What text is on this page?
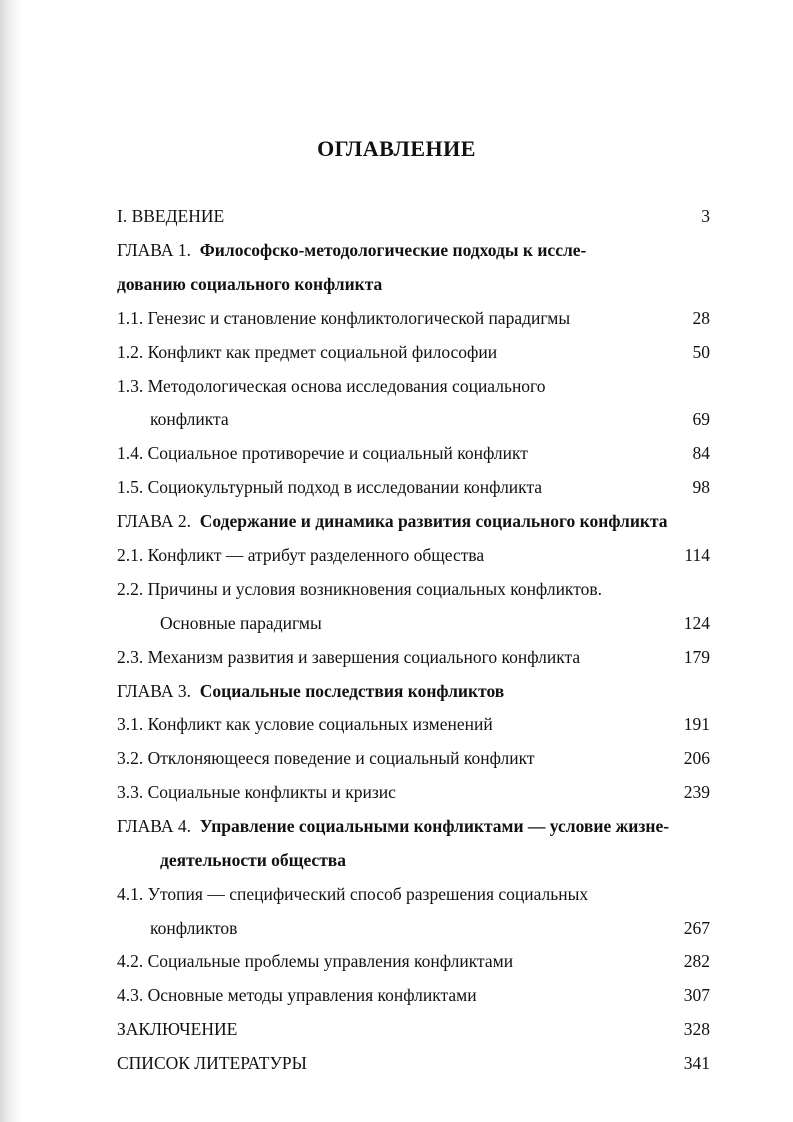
ОГЛАВЛЕНИЕ
I. ВВЕДЕНИЕ	3
ГЛАВА 1.  Философско-методологические подходы к иссле-
дованию социального конфликта
1.1. Генезис и становление конфликтологической парадигмы	28
1.2. Конфликт как предмет социальной философии	50
1.3. Методологическая основа исследования социального
конфликта	69
1.4. Социальное противоречие и социальный конфликт	84
1.5. Социокультурный подход в исследовании конфликта	98
ГЛАВА 2.  Содержание и динамика развития социального конфликта
2.1. Конфликт — атрибут разделенного общества	114
2.2. Причины и условия возникновения социальных конфликтов.
Основные парадигмы	124
2.3. Механизм развития и завершения социального конфликта	179
ГЛАВА 3.  Социальные последствия конфликтов
3.1. Конфликт как условие социальных изменений	191
3.2. Отклоняющееся поведение и социальный конфликт	206
3.3. Социальные конфликты и кризис	239
ГЛАВА 4.  Управление социальными конфликтами — условие жизне-
деятельности общества
4.1. Утопия — специфический способ разрешения социальных
конфликтов	267
4.2. Социальные проблемы управления конфликтами	282
4.3. Основные методы управления конфликтами	307
ЗАКЛЮЧЕНИЕ	328
СПИСОК ЛИТЕРАТУРЫ	341
